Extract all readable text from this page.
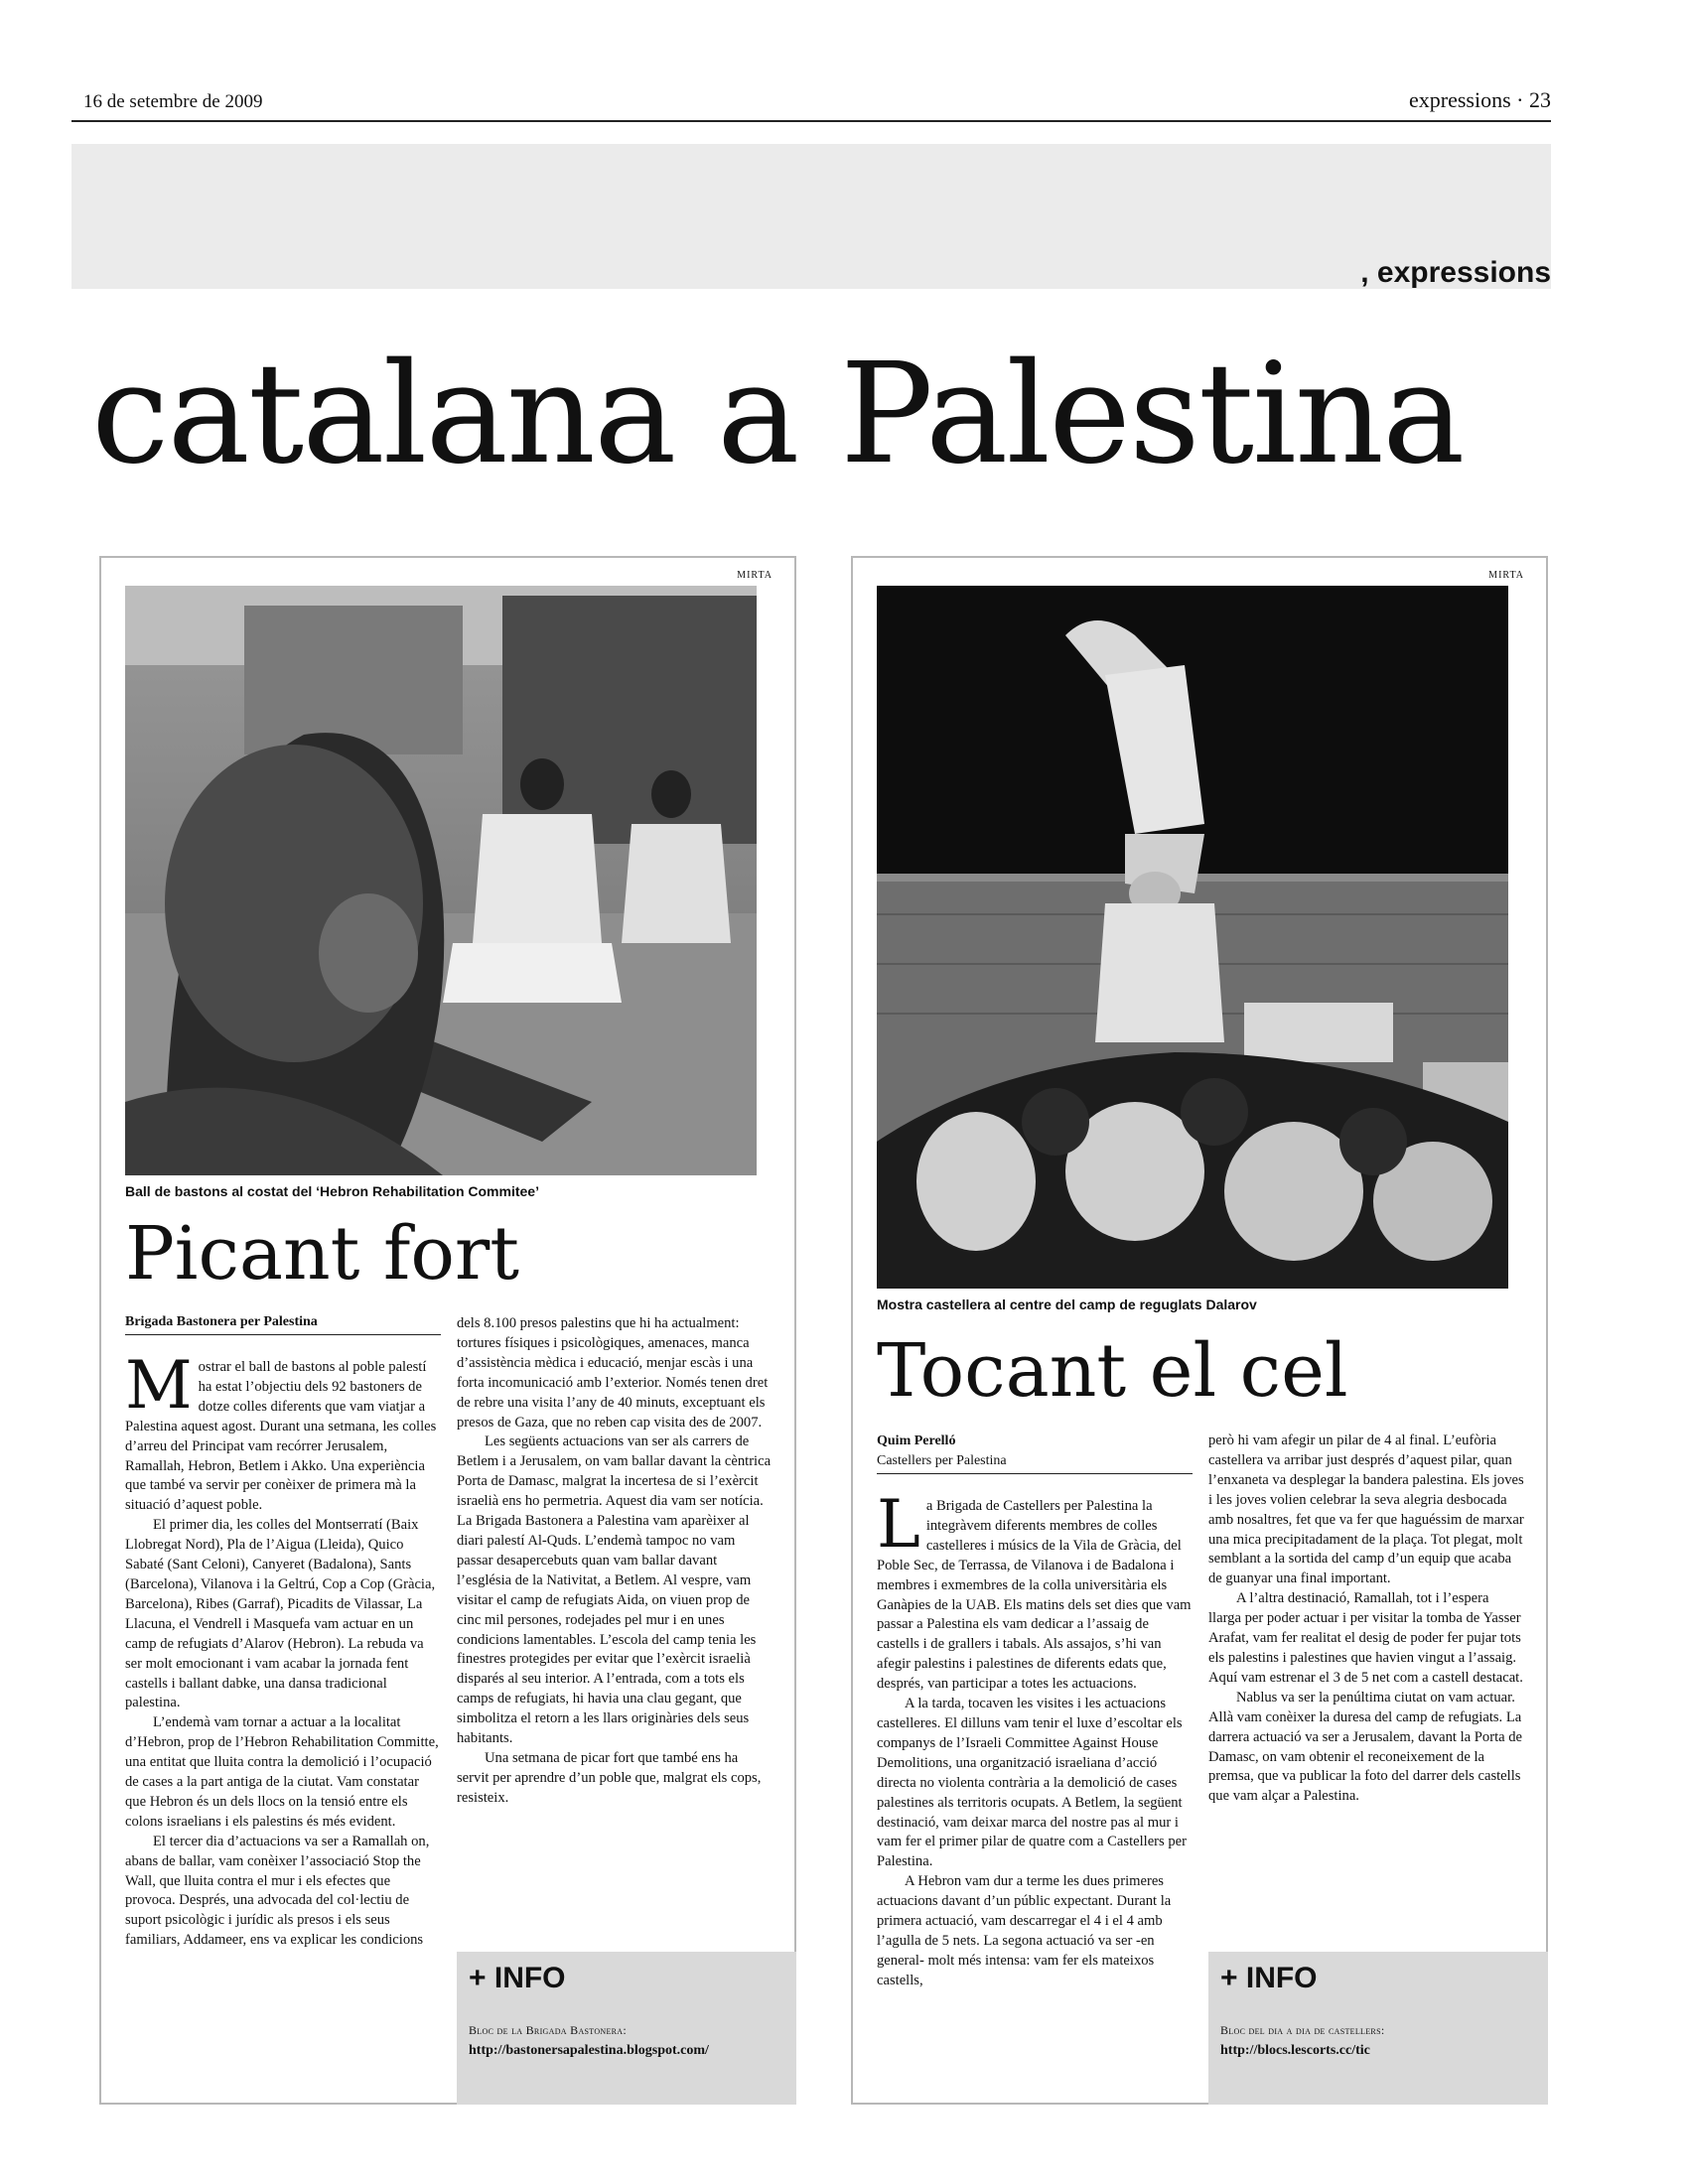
16 de setembre de 2009	expressions · 23
, expressions
catalana a Palestina
MIRTA
Ball de bastons al costat del ‘Hebron Rehabilitation Commitee’
Picant fort
Brigada Bastonera per Palestina

Mostrar el ball de bastons al poble palestí ha estat l’objectiu dels 92 bastoners de dotze colles diferents que vam viatjar a Palestina aquest agost. Durant una setmana, les colles d’arreu del Principat vam recórrer Jerusalem, Ramallah, Hebron, Betlem i Akko. Una experiència que també va servir per conèixer de primera mà la situació d’aquest poble.

El primer dia, les colles del Montserratí (Baix Llobregat Nord), Pla de l’Aigua (Lleida), Quico Sabaté (Sant Celoni), Canyeret (Badalona), Sants (Barcelona), Vilanova i la Geltrú, Cop a Cop (Gràcia, Barcelona), Ribes (Garraf), Picadits de Vilassar, La Llacuna, el Vendrell i Masquefa vam actuar en un camp de refugiats d’Alarov (Hebron). La rebuda va ser molt emocionant i vam acabar la jornada fent castells i ballant dabke, una dansa tradicional palestina.

L’endemà vam tornar a actuar a la localitat d’Hebron, prop de l’Hebron Rehabilitation Committe, una entitat que lluita contra la demolició i l’ocupació de cases a la part antiga de la ciutat. Vam constatar que Hebron és un dels llocs on la tensió entre els colons israelians i els palestins és més evident.

El tercer dia d’actuacions va ser a Ramallah on, abans de ballar, vam conèixer l’associació Stop the Wall, que lluita contra el mur i els efectes que provoca. Després, una advocada del col·lectiu de suport psicològic i jurídic als presos i els seus familiars, Addameer, ens va explicar les condicions

dels 8.100 presos palestins que hi ha actualment: tortures físiques i psicològiques, amenaces, manca d’assistència mèdica i educació, menjar escàs i una forta incomunicació amb l’exterior. Només tenen dret de rebre una visita l’any de 40 minuts, exceptuant els presos de Gaza, que no reben cap visita des de 2007.

Les següents actuacions van ser als carrers de Betlem i a Jerusalem, on vam ballar davant la cèntrica Porta de Damasc, malgrat la incertesa de si l’exèrcit israelià ens ho permetria. Aquest dia vam ser notícia. La Brigada Bastonera a Palestina vam aparèixer al diari palestí Al-Quds. L’endemà tampoc no vam passar desapercebuts quan vam ballar davant l’església de la Nativitat, a Betlem. Al vespre, vam visitar el camp de refugiats Aida, on viuen prop de cinc mil persones, rodejades pel mur i en unes condicions lamentables. L’escola del camp tenia les finestres protegides per evitar que l’exèrcit israelià disparés al seu interior. A l’entrada, com a tots els camps de refugiats, hi havia una clau gegant, que simbolitza el retorn a les llars originàries dels seus habitants.

Una setmana de picar fort que també ens ha servit per aprendre d’un poble que, malgrat els cops, resisteix.

+ INFO
Bloc de la Brigada Bastonera:
http://bastonersapalestina.blogspot.com/
MIRTA
Mostra castellera al centre del camp de reguglats Dalarov
Tocant el cel
Quim Perelló
Castellers per Palestina

La Brigada de Castellers per Palestina la integràvem diferents membres de colles castelleres i músics de la Vila de Gràcia, del Poble Sec, de Terrassa, de Vilanova i de Badalona i membres i exmembres de la colla universitària els Ganàpies de la UAB. Els matins dels set dies que vam passar a Palestina els vam dedicar a l’assaig de castells i de grallers i tabals. Als assajos, s’hi van afegir palestins i palestines de diferents edats que, després, van participar a totes les actuacions.

A la tarda, tocaven les visites i les actuacions castelleres. El dilluns vam tenir el luxe d’escoltar els companys de l’Israeli Committee Against House Demolitions, una organització israeliana d’acció directa no violenta contrària a la demolició de cases palestines als territoris ocupats. A Betlem, la següent destinació, vam deixar marca del nostre pas al mur i vam fer el primer pilar de quatre com a Castellers per Palestina.

A Hebron vam dur a terme les dues primeres actuacions davant d’un públic expectant. Durant la primera actuació, vam descarregar el 4 i el 4 amb l’agulla de 5 nets. La segona actuació va ser -en general- molt més intensa: vam fer els mateixos castells,

però hi vam afegir un pilar de 4 al final. L’eufòria castellera va arribar just després d’aquest pilar, quan l’enxaneta va desplegar la bandera palestina. Els joves i les joves volien celebrar la seva alegria desbocada amb nosaltres, fet que va fer que haguéssim de marxar una mica precipitadament de la plaça. Tot plegat, molt semblant a la sortida del camp d’un equip que acaba de guanyar una final important.

A l’altra destinació, Ramallah, tot i l’espera llarga per poder actuar i per visitar la tomba de Yasser Arafat, vam fer realitat el desig de poder fer pujar tots els palestins i palestines que havien vingut a l’assaig. Aquí vam estrenar el 3 de 5 net com a castell destacat.

Nablus va ser la penúltima ciutat on vam actuar. Allà vam conèixer la duresa del camp de refugiats. La darrera actuació va ser a Jerusalem, davant la Porta de Damasc, on vam obtenir el reconeixement de la premsa, que va publicar la foto del darrer dels castells que vam alçar a Palestina.

+ INFO
Bloc del dia a dia de castellers:
http://blocs.lescorts.cc/tic
